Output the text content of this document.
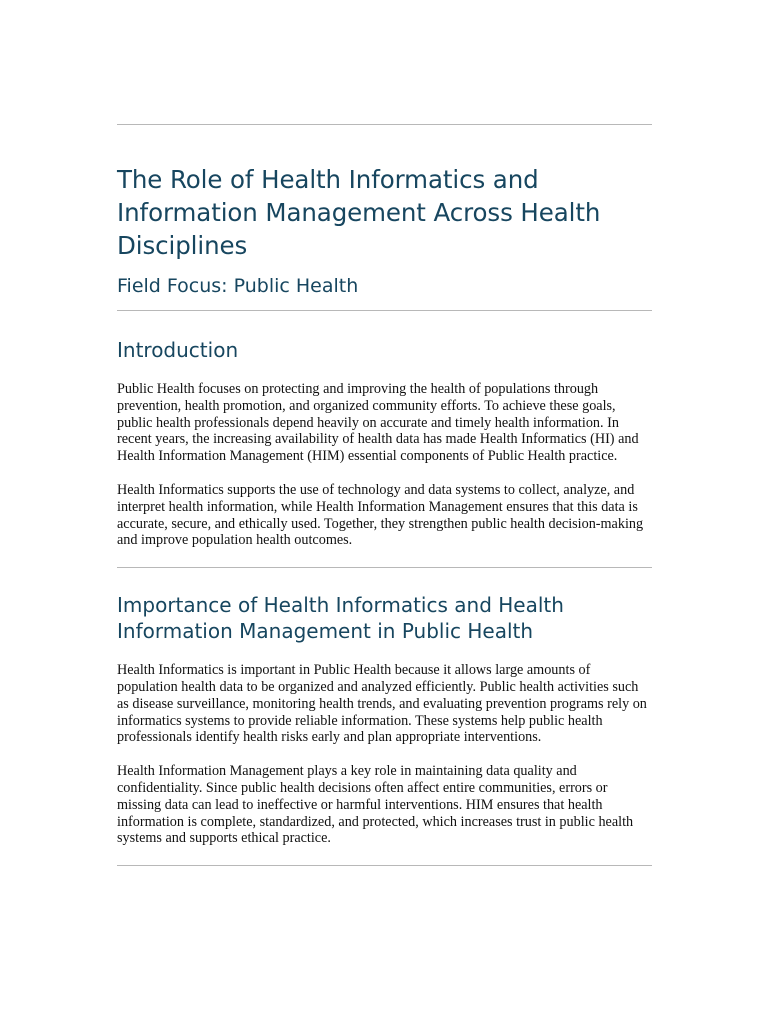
The Role of Health Informatics and Information Management Across Health Disciplines
Field Focus: Public Health
Introduction

Public Health focuses on protecting and improving the health of populations through prevention, health promotion, and organized community efforts. To achieve these goals, public health professionals depend heavily on accurate and timely health information. In recent years, the increasing availability of health data has made Health Informatics (HI) and Health Information Management (HIM) essential components of Public Health practice.

Health Informatics supports the use of technology and data systems to collect, analyze, and interpret health information, while Health Information Management ensures that this data is accurate, secure, and ethically used. Together, they strengthen public health decision-making and improve population health outcomes.

Importance of Health Informatics and Health Information Management in Public Health

Health Informatics is important in Public Health because it allows large amounts of population health data to be organized and analyzed efficiently. Public health activities such as disease surveillance, monitoring health trends, and evaluating prevention programs rely on informatics systems to provide reliable information. These systems help public health professionals identify health risks early and plan appropriate interventions.

Health Information Management plays a key role in maintaining data quality and confidentiality. Since public health decisions often affect entire communities, errors or missing data can lead to ineffective or harmful interventions. HIM ensures that health information is complete, standardized, and protected, which increases trust in public health systems and supports ethical practice.
